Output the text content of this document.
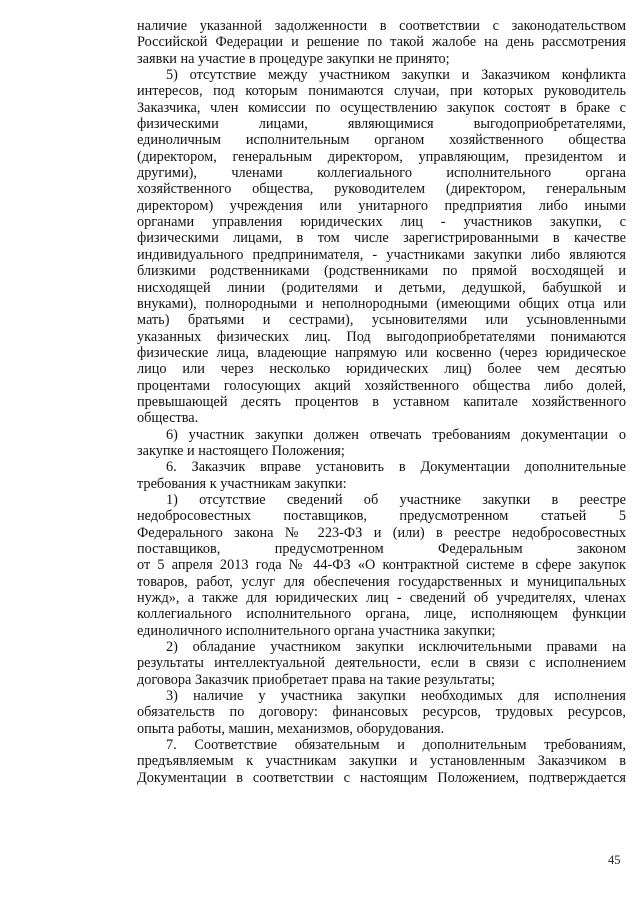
наличие указанной задолженности в соответствии с законодательством
Российской Федерации и решение по такой жалобе на день рассмотрения
заявки на участие в процедуре закупки не принято;
5) отсутствие между участником закупки и Заказчиком конфликта
интересов, под которым понимаются случаи, при которых руководитель
Заказчика, член комиссии по осуществлению закупок состоят в браке с
физическими лицами, являющимися выгодоприобретателями,
единоличным исполнительным органом хозяйственного общества
(директором, генеральным директором, управляющим, президентом и
другими), членами коллегиального исполнительного органа
хозяйственного общества, руководителем (директором, генеральным
директором) учреждения или унитарного предприятия либо иными
органами управления юридических лиц - участников закупки, с
физическими лицами, в том числе зарегистрированными в качестве
индивидуального предпринимателя, - участниками закупки либо являются
близкими родственниками (родственниками по прямой восходящей и
нисходящей линии (родителями и детьми, дедушкой, бабушкой и
внуками), полнородными и неполнородными (имеющими общих отца или
мать) братьями и сестрами), усыновителями или усыновленными
указанных физических лиц. Под выгодоприобретателями понимаются
физические лица, владеющие напрямую или косвенно (через юридическое
лицо или через несколько юридических лиц) более чем десятью
процентами голосующих акций хозяйственного общества либо долей,
превышающей десять процентов в уставном капитале хозяйственного
общества.
6) участник закупки должен отвечать требованиям документации о
закупке и настоящего Положения;
6. Заказчик вправе установить в Документации дополнительные
требования к участникам закупки:
1) отсутствие сведений об участнике закупки в реестре
недобросовестных поставщиков, предусмотренном статьей 5
Федерального закона № 223-ФЗ и (или) в реестре недобросовестных
поставщиков, предусмотренном Федеральным законом
от 5 апреля 2013 года № 44-ФЗ «О контрактной системе в сфере закупок
товаров, работ, услуг для обеспечения государственных и муниципальных
нужд», а также для юридических лиц - сведений об учредителях, членах
коллегиального исполнительного органа, лице, исполняющем функции
единоличного исполнительного органа участника закупки;
2) обладание участником закупки исключительными правами на
результаты интеллектуальной деятельности, если в связи с исполнением
договора Заказчик приобретает права на такие результаты;
3) наличие у участника закупки необходимых для исполнения
обязательств по договору: финансовых ресурсов, трудовых ресурсов,
опыта работы, машин, механизмов, оборудования.
7. Соответствие обязательным и дополнительным требованиям,
предъявляемым к участникам закупки и установленным Заказчиком в
Документации в соответствии с настоящим Положением, подтверждается
45
